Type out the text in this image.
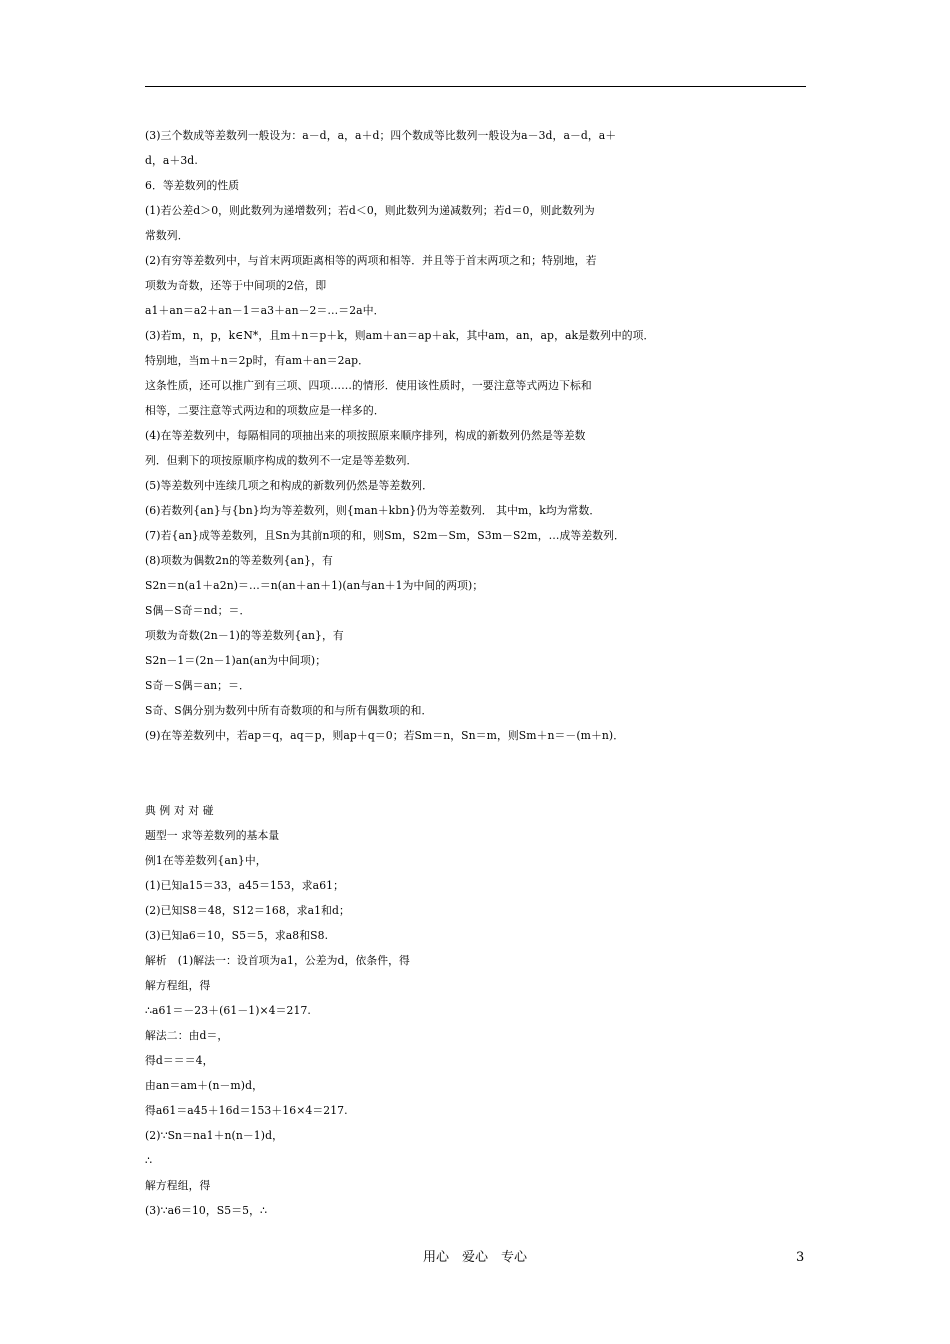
(3)三个数成等差数列一般设为：a－d，a，a＋d；四个数成等比数列一般设为a－3d，a－d，a＋
d，a＋3d.
6．等差数列的性质
(1)若公差d＞0，则此数列为递增数列；若d＜0，则此数列为递减数列；若d＝0，则此数列为
常数列．
(2)有穷等差数列中，与首末两项距离相等的两项和相等．并且等于首末两项之和；特别地，若
项数为奇数，还等于中间项的2倍，即
a1＋an＝a2＋an－1＝a3＋an－2＝…＝2a中．
(3)若m，n，p，k∈N*，且m＋n＝p＋k，则am＋an＝ap＋ak，其中am，an，ap，ak是数列中的项．
特别地，当m＋n＝2p时，有am＋an＝2ap．
这条性质，还可以推广到有三项、四项……的情形．使用该性质时，一要注意等式两边下标和
相等，二要注意等式两边和的项数应是一样多的．
(4)在等差数列中，每隔相同的项抽出来的项按照原来顺序排列，构成的新数列仍然是等差数
列．但剩下的项按原顺序构成的数列不一定是等差数列．
(5)等差数列中连续几项之和构成的新数列仍然是等差数列．
(6)若数列{an}与{bn}均为等差数列，则{man＋kbn}仍为等差数列． 其中m，k均为常数．
(7)若{an}成等差数列，且Sn为其前n项的和，则Sm，S2m－Sm，S3m－S2m，…成等差数列．
(8)项数为偶数2n的等差数列{an}，有
S2n＝n(a1＋a2n)＝…＝n(an＋an＋1)(an与an＋1为中间的两项)；
S偶－S奇＝nd；＝．
项数为奇数(2n－1)的等差数列{an}，有
S2n－1＝(2n－1)an(an为中间项)；
S奇－S偶＝an；＝．
S奇、S偶分别为数列中所有奇数项的和与所有偶数项的和．
(9)在等差数列中，若ap＝q，aq＝p，则ap＋q＝0；若Sm＝n，Sn＝m，则Sm＋n＝－(m＋n)．
典 例 对 对 碰
题型一 求等差数列的基本量
例1在等差数列{an}中，
(1)已知a15＝33，a45＝153，求a61；
(2)已知S8＝48，S12＝168，求a1和d；
(3)已知a6＝10，S5＝5，求a8和S8.
解析　(1)解法一：设首项为a1，公差为d，依条件，得
解方程组，得
∴a61＝－23＋(61－1)×4＝217.
解法二：由d＝，
得d＝＝＝4，
由an＝am＋(n－m)d，
得a61＝a45＋16d＝153＋16×4＝217.
(2)∵Sn＝na1＋n(n－1)d，
∴
解方程组，得
(3)∵a6＝10，S5＝5，∴
用心　爱心　专心	3
